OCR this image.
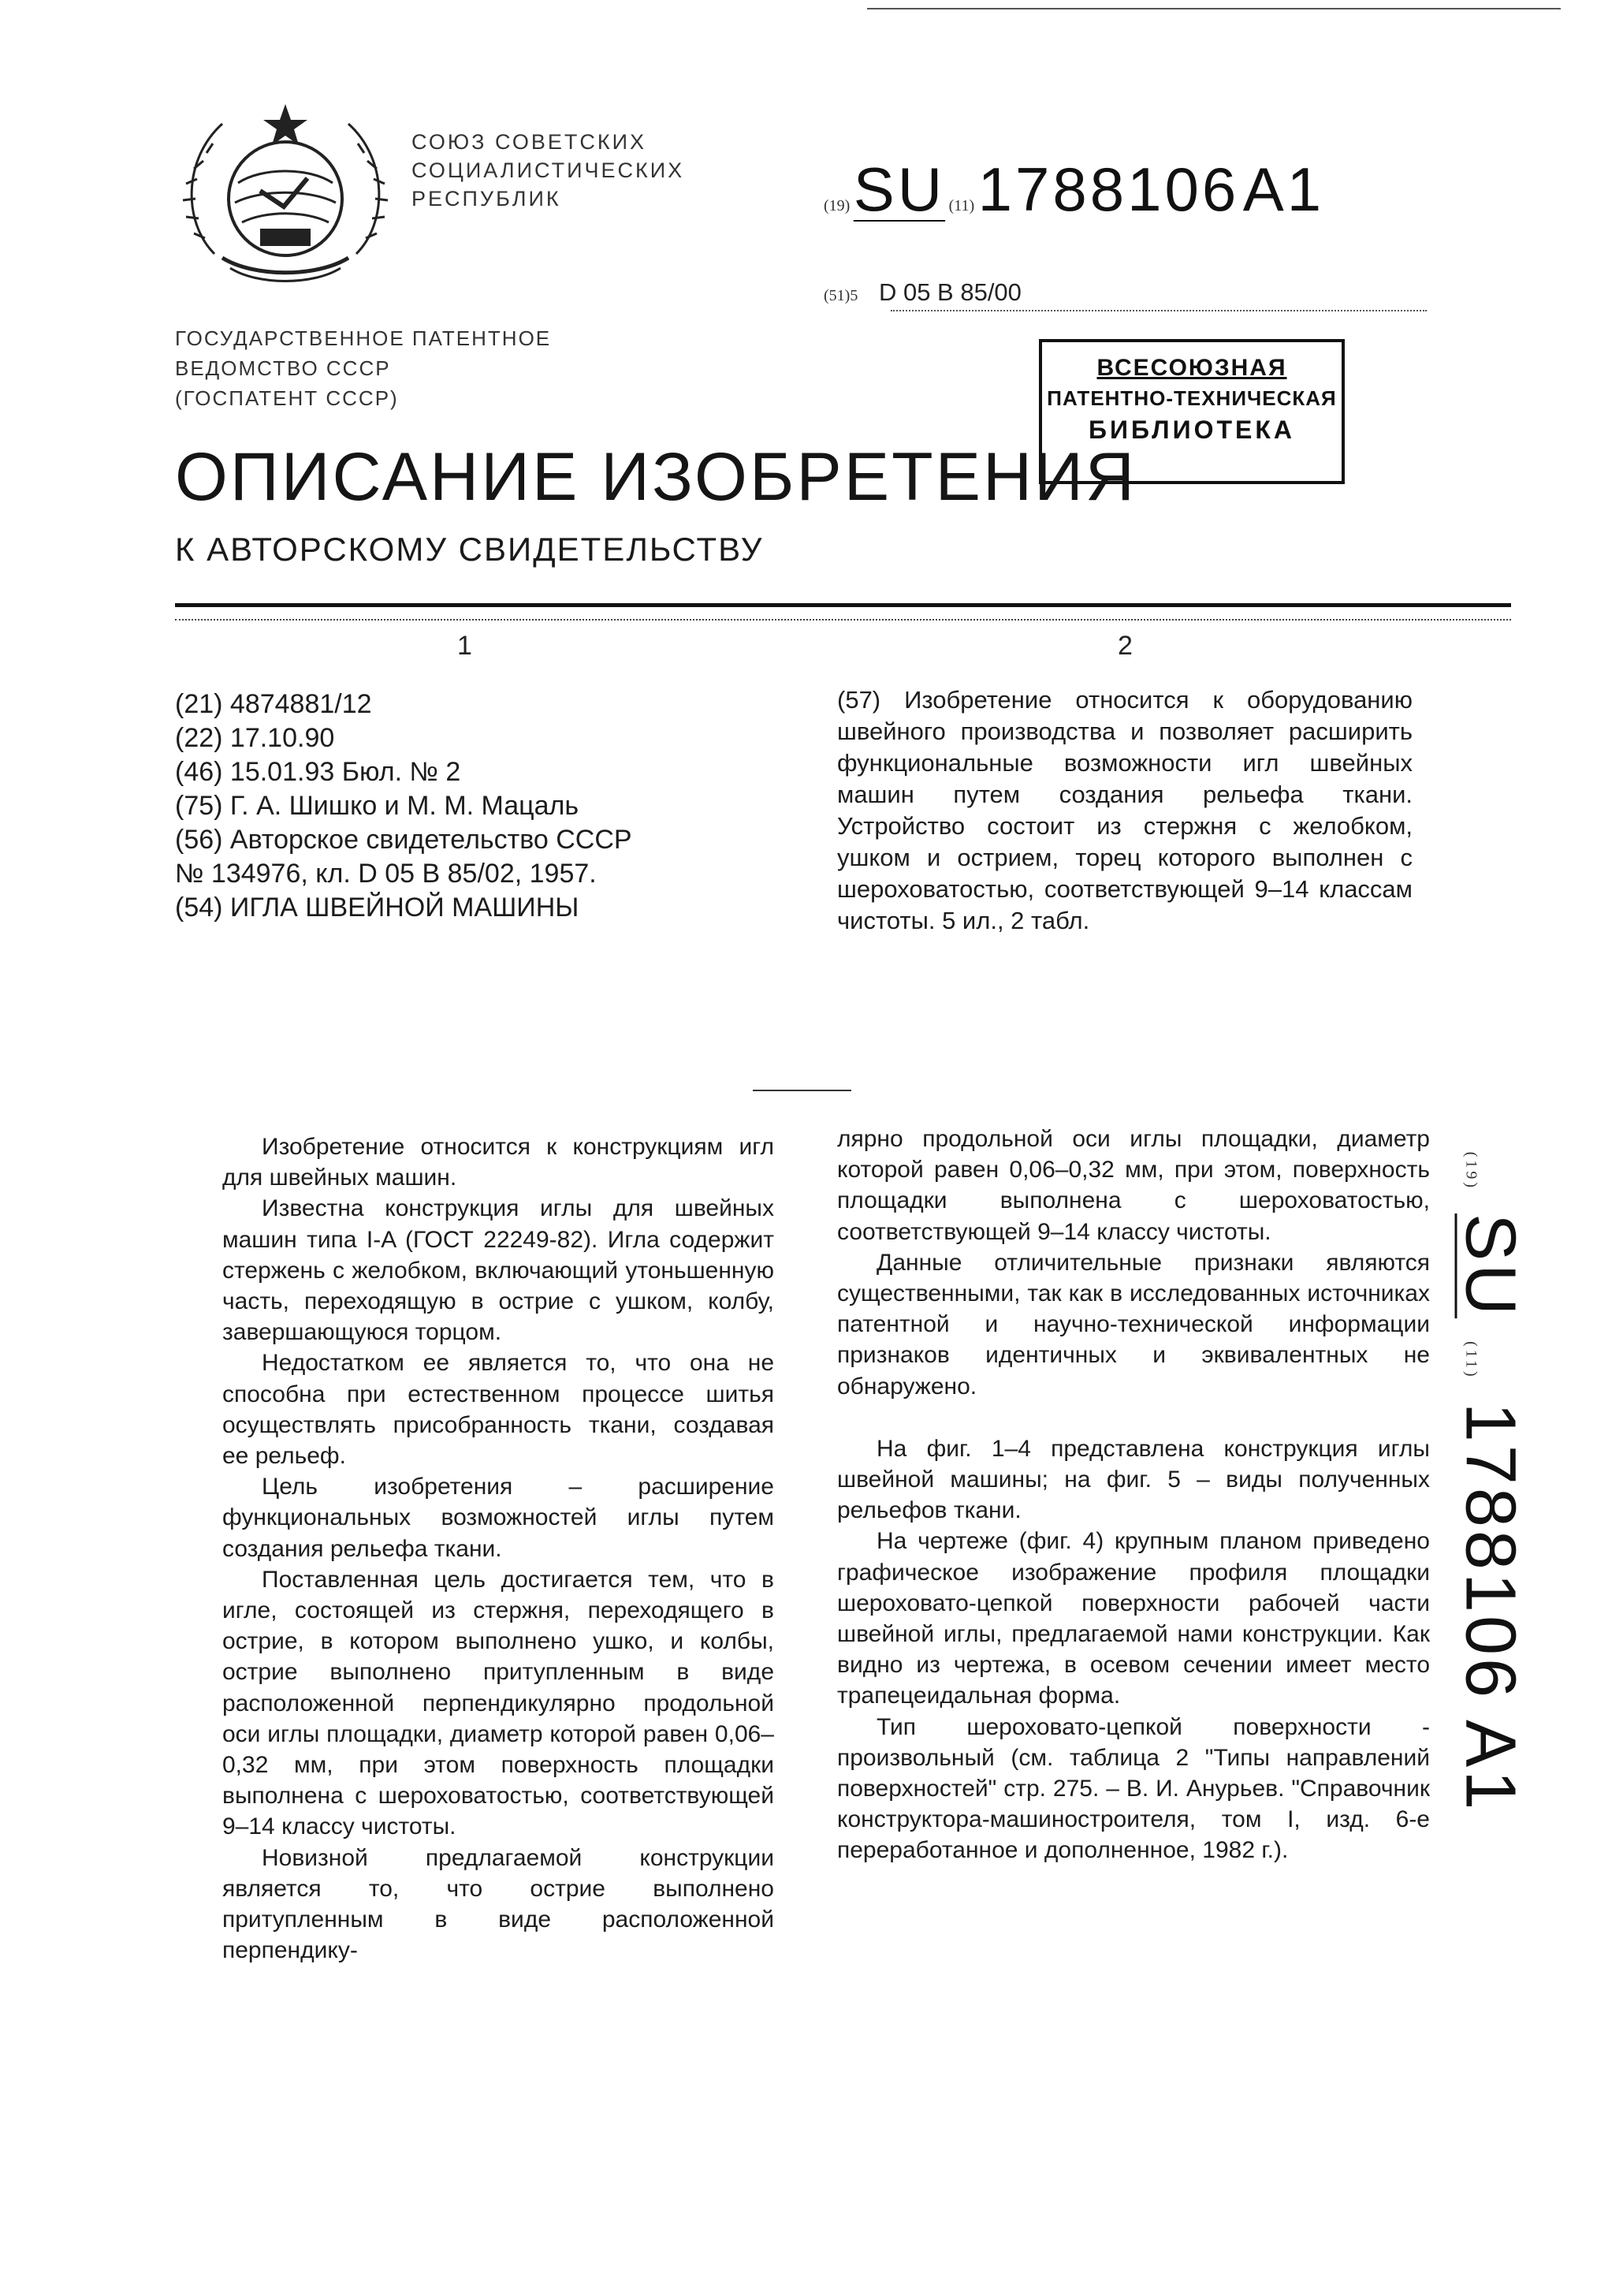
СОЮЗ СОВЕТСКИХ
СОЦИАЛИСТИЧЕСКИХ
РЕСПУБЛИК	(19) SU (11) 1788106 A1
(51)5 D 05 B 85/00
ГОСУДАРСТВЕННОЕ ПАТЕНТНОЕ
ВЕДОМСТВО СССР
(ГОСПАТЕНТ СССР)
ВСЕСОЮЗНАЯ
ПАТЕНТНО-ТЕХНИЧЕСКАЯ
БИБЛИОТЕКА
ОПИСАНИЕ ИЗОБРЕТЕНИЯ
К АВТОРСКОМУ СВИДЕТЕЛЬСТВУ
1	2
(21) 4874881/12
(22) 17.10.90
(46) 15.01.93 Бюл. № 2
(75) Г. А. Шишко и М. М. Мацаль
(56) Авторское свидетельство СССР
№ 134976, кл. D 05 B 85/02, 1957.
(54) ИГЛА ШВЕЙНОЙ МАШИНЫ
(57) Изобретение относится к оборудованию швейного производства и позволяет расширить функциональные возможности игл швейных машин путем создания рельефа ткани. Устройство состоит из стержня с желобком, ушком и острием, торец которого выполнен с шероховатостью, соответствующей 9–14 классам чистоты. 5 ил., 2 табл.

Изобретение относится к конструкциям игл для швейных машин.

Известна конструкция иглы для швейных машин типа I-A (ГОСТ 22249-82). Игла содержит стержень с желобком, включающий утоньшенную часть, переходящую в острие с ушком, колбу, завершающуюся торцом.

Недостатком ее является то, что она не способна при естественном процессе шитья осуществлять присобранность ткани, создавая ее рельеф.

Цель изобретения – расширение функциональных возможностей иглы путем создания рельефа ткани.

Поставленная цель достигается тем, что в игле, состоящей из стержня, переходящего в острие, в котором выполнено ушко, и колбы, острие выполнено притупленным в виде расположенной перпендикулярно продольной оси иглы площадки, диаметр которой равен 0,06–0,32 мм, при этом поверхность площадки выполнена с шероховатостью, соответствующей 9–14 классу чистоты.

Новизной предлагаемой конструкции является то, что острие выполнено притупленным в виде расположенной перпендику-

лярно продольной оси иглы площадки, диаметр которой равен 0,06–0,32 мм, при этом, поверхность площадки выполнена с шероховатостью, соответствующей 9–14 классу чистоты.

Данные отличительные признаки являются существенными, так как в исследованных источниках патентной и научно-технической информации признаков идентичных и эквивалентных не обнаружено.

На фиг. 1–4 представлена конструкция иглы швейной машины; на фиг. 5 – виды полученных рельефов ткани.

На чертеже (фиг. 4) крупным планом приведено графическое изображение профиля площадки шероховато-цепкой поверхности рабочей части швейной иглы, предлагаемой нами конструкции. Как видно из чертежа, в осевом сечении имеет место трапецеидальная форма.

Тип шероховато-цепкой поверхности - произвольный (см. таблица 2 "Типы направлений поверхностей" стр. 275. – В. И. Анурьев. "Справочник конструктора-машиностроителя, том I, изд. 6-е переработанное и дополненное, 1982 г.).

(19) SU (11) 1788106 A1
